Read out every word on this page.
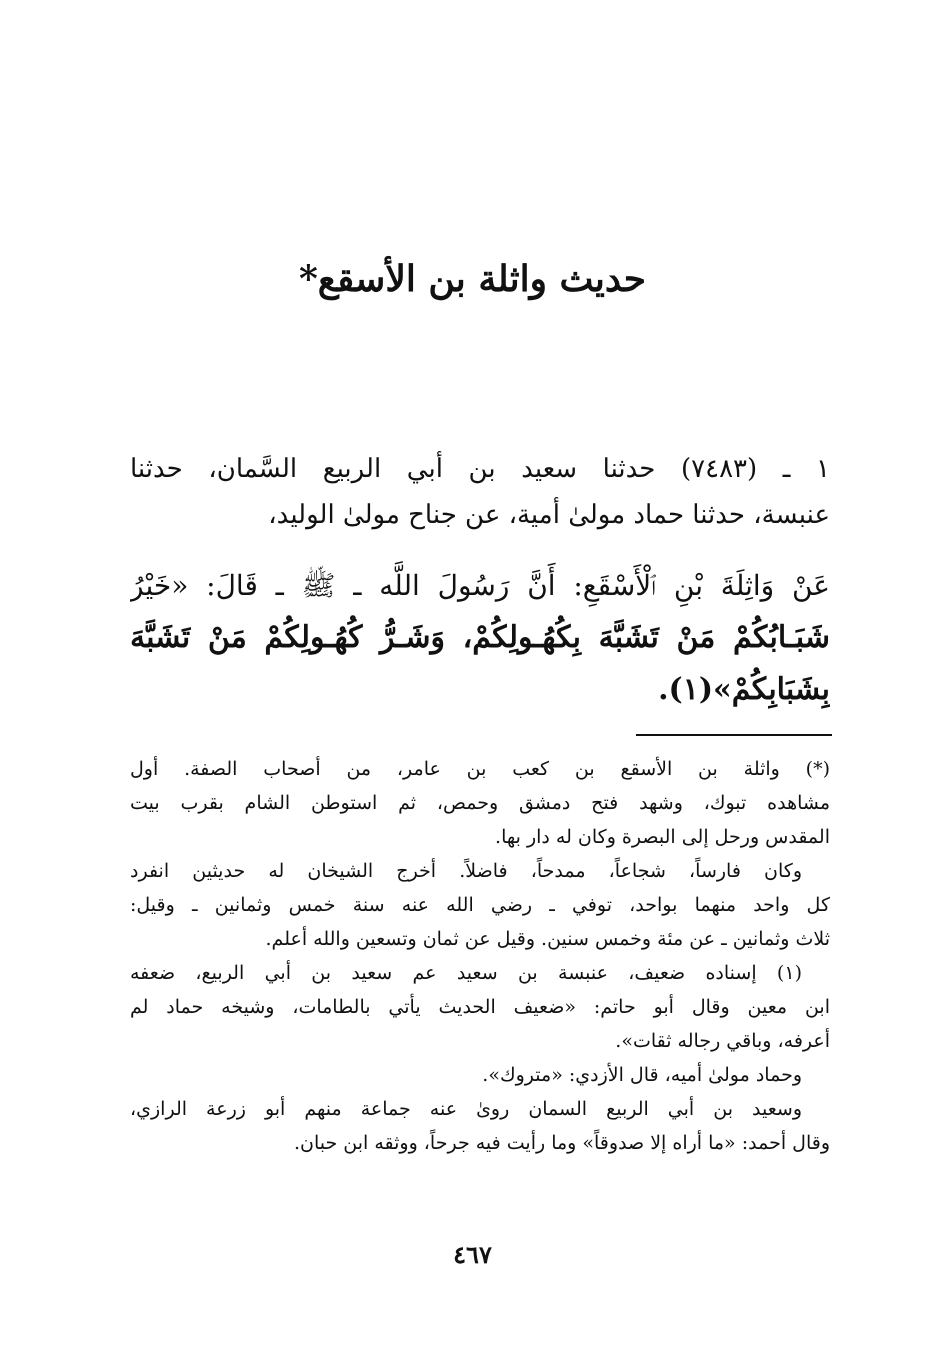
حديث واثلة بن الأسقع*
١ ـ (٧٤٨٣) حدثنا سعيد بن أبي الربيع السَّمان، حدثنا
عنبسة، حدثنا حماد مولىٰ أمية، عن جناح مولىٰ الوليد،
عَنْ وَاثِلَةَ بْنِ ٱلْأَسْقَعِ: أَنَّ رَسُولَ اللَّه ـ ﷺ ـ قَالَ: «خَيْرُ
شَبَـابُكُمْ مَنْ تَشَبَّهَ بِكُهُـولِكُمْ، وَشَـرُّ كُهُـولِكُمْ مَنْ تَشَبَّهَ
بِشَبَابِكُمْ»(١).
(*) واثلة بن الأسقع بن كعب بن عامر، من أصحاب الصفة. أول
مشاهده تبوك، وشهد فتح دمشق وحمص، ثم استوطن الشام بقرب بيت
المقدس ورحل إلى البصرة وكان له دار بها.
وكان فارساً، شجاعاً، ممدحاً، فاضلاً. أخرج الشيخان له حديثين انفرد
كل واحد منهما بواحد، توفي ـ رضي الله عنه سنة خمس وثمانين ـ وقيل:
ثلاث وثمانين ـ عن مئة وخمس سنين. وقيل عن ثمان وتسعين والله أعلم.
(١) إسناده ضعيف، عنبسة بن سعيد عم سعيد بن أبي الربيع، ضعفه
ابن معين وقال أبو حاتم: «ضعيف الحديث يأتي بالطامات، وشيخه حماد لم
أعرفه، وباقي رجاله ثقات».
وحماد مولىٰ أميه، قال الأزدي: «متروك».
وسعيد بن أبي الربيع السمان روىٰ عنه جماعة منهم أبو زرعة الرازي،
وقال أحمد: «ما أراه إلا صدوقاً» وما رأيت فيه جرحاً، ووثقه ابن حبان.
٤٦٧
